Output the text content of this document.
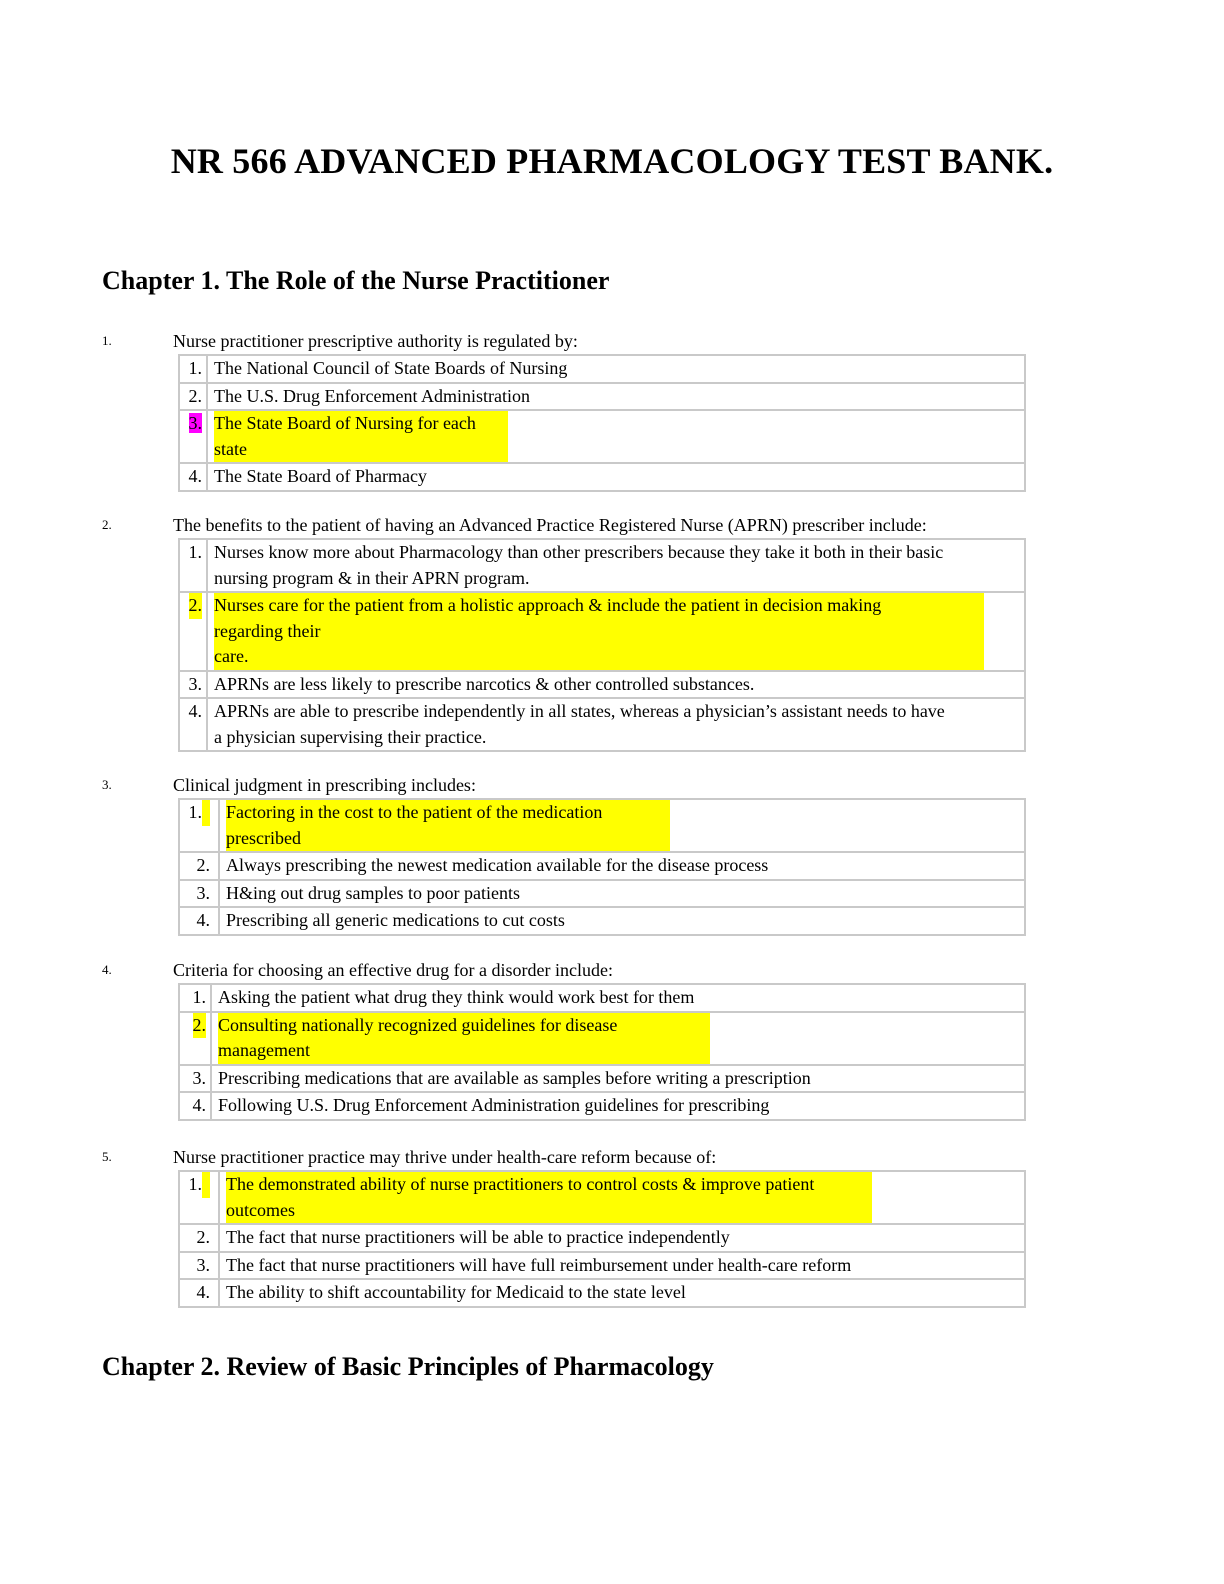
NR 566 ADVANCED PHARMACOLOGY TEST BANK.
Chapter 1. The Role of the Nurse Practitioner
1.	Nurse practitioner prescriptive authority is regulated by:
1.	The National Council of State Boards of Nursing
2.	The U.S. Drug Enforcement Administration
3.	The State Board of Nursing for each
state
4.	The State Board of Pharmacy
2.	The benefits to the patient of having an Advanced Practice Registered Nurse (APRN) prescriber include:
1.	Nurses know more about Pharmacology than other prescribers because they take it both in their basic
nursing program & in their APRN program.
2.	Nurses care for the patient from a holistic approach & include the patient in decision making
regarding their
care.
3.	APRNs are less likely to prescribe narcotics & other controlled substances.
4.	APRNs are able to prescribe independently in all states, whereas a physician’s assistant needs to have
a physician supervising their practice.
3.	Clinical judgment in prescribing includes:
1.	Factoring in the cost to the patient of the medication
prescribed
2.	Always prescribing the newest medication available for the disease process
3.	H&ing out drug samples to poor patients
4.	Prescribing all generic medications to cut costs
4.	Criteria for choosing an effective drug for a disorder include:
1.	Asking the patient what drug they think would work best for them
2.	Consulting nationally recognized guidelines for disease
management
3.	Prescribing medications that are available as samples before writing a prescription
4.	Following U.S. Drug Enforcement Administration guidelines for prescribing
5.	Nurse practitioner practice may thrive under health-care reform because of:
1.	The demonstrated ability of nurse practitioners to control costs & improve patient
outcomes
2.	The fact that nurse practitioners will be able to practice independently
3.	The fact that nurse practitioners will have full reimbursement under health-care reform
4.	The ability to shift accountability for Medicaid to the state level
Chapter 2. Review of Basic Principles of Pharmacology
